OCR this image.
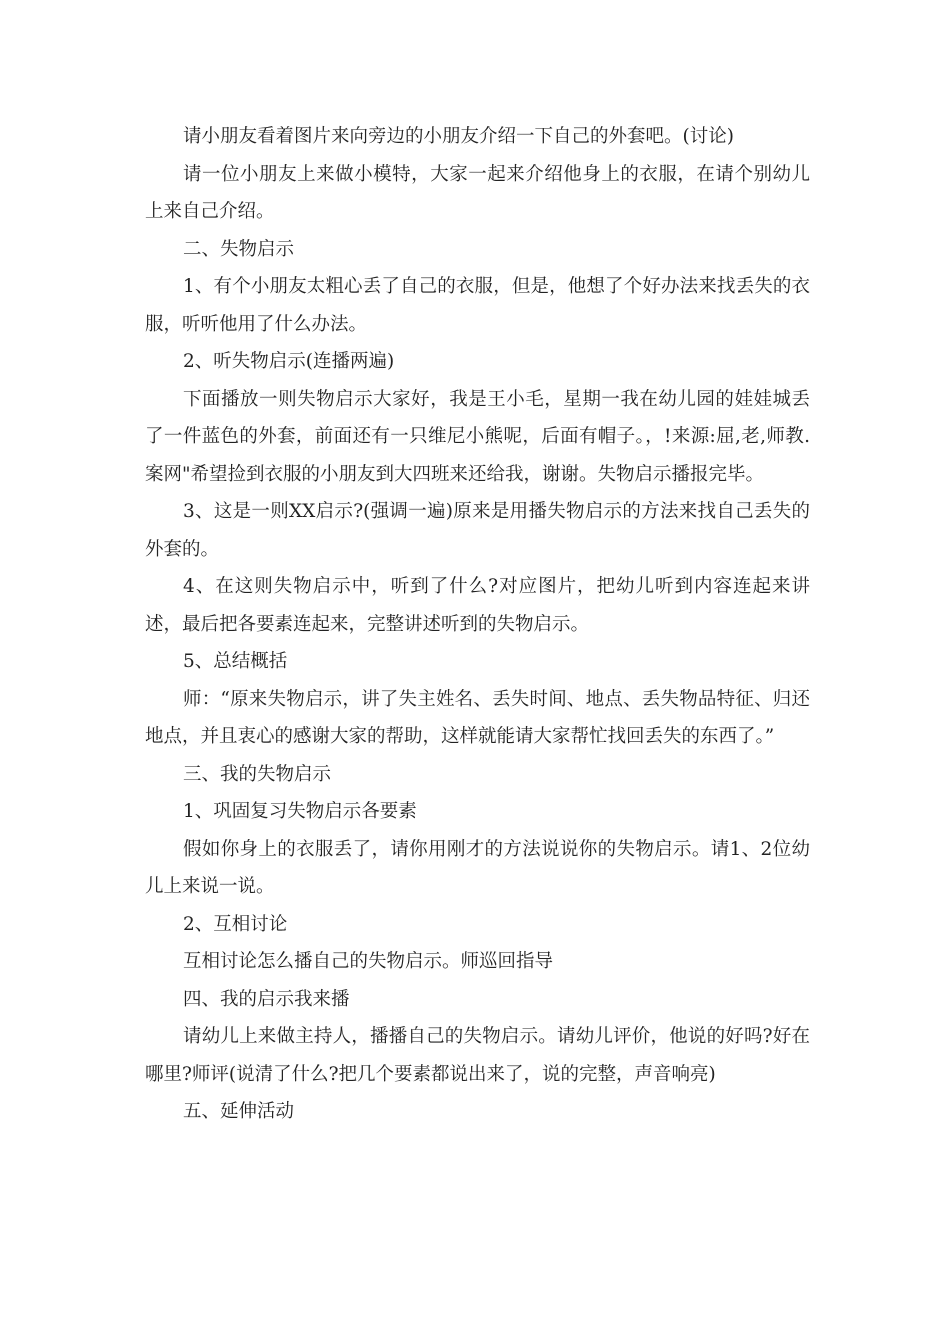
请小朋友看着图片来向旁边的小朋友介绍一下自己的外套吧。(讨论)

请一位小朋友上来做小模特，大家一起来介绍他身上的衣服，在请个别幼儿上来自己介绍。

二、失物启示

1、有个小朋友太粗心丢了自己的衣服，但是，他想了个好办法来找丢失的衣服，听听他用了什么办法。

2、听失物启示(连播两遍)

下面播放一则失物启示大家好，我是王小毛，星期一我在幼儿园的娃娃城丢了一件蓝色的外套，前面还有一只维尼小熊呢，后面有帽子。，!来源:屈,老,师教.案网"希望捡到衣服的小朋友到大四班来还给我，谢谢。失物启示播报完毕。

3、这是一则XX启示?(强调一遍)原来是用播失物启示的方法来找自己丢失的外套的。

4、在这则失物启示中，听到了什么?对应图片，把幼儿听到内容连起来讲述，最后把各要素连起来，完整讲述听到的失物启示。

5、总结概括

师：“原来失物启示，讲了失主姓名、丢失时间、地点、丢失物品特征、归还地点，并且衷心的感谢大家的帮助，这样就能请大家帮忙找回丢失的东西了。”

三、我的失物启示

1、巩固复习失物启示各要素

假如你身上的衣服丢了，请你用刚才的方法说说你的失物启示。请1、2位幼儿上来说一说。

2、互相讨论

互相讨论怎么播自己的失物启示。师巡回指导

四、我的启示我来播

请幼儿上来做主持人，播播自己的失物启示。请幼儿评价，他说的好吗?好在哪里?师评(说清了什么?把几个要素都说出来了，说的完整，声音响亮)

五、延伸活动
